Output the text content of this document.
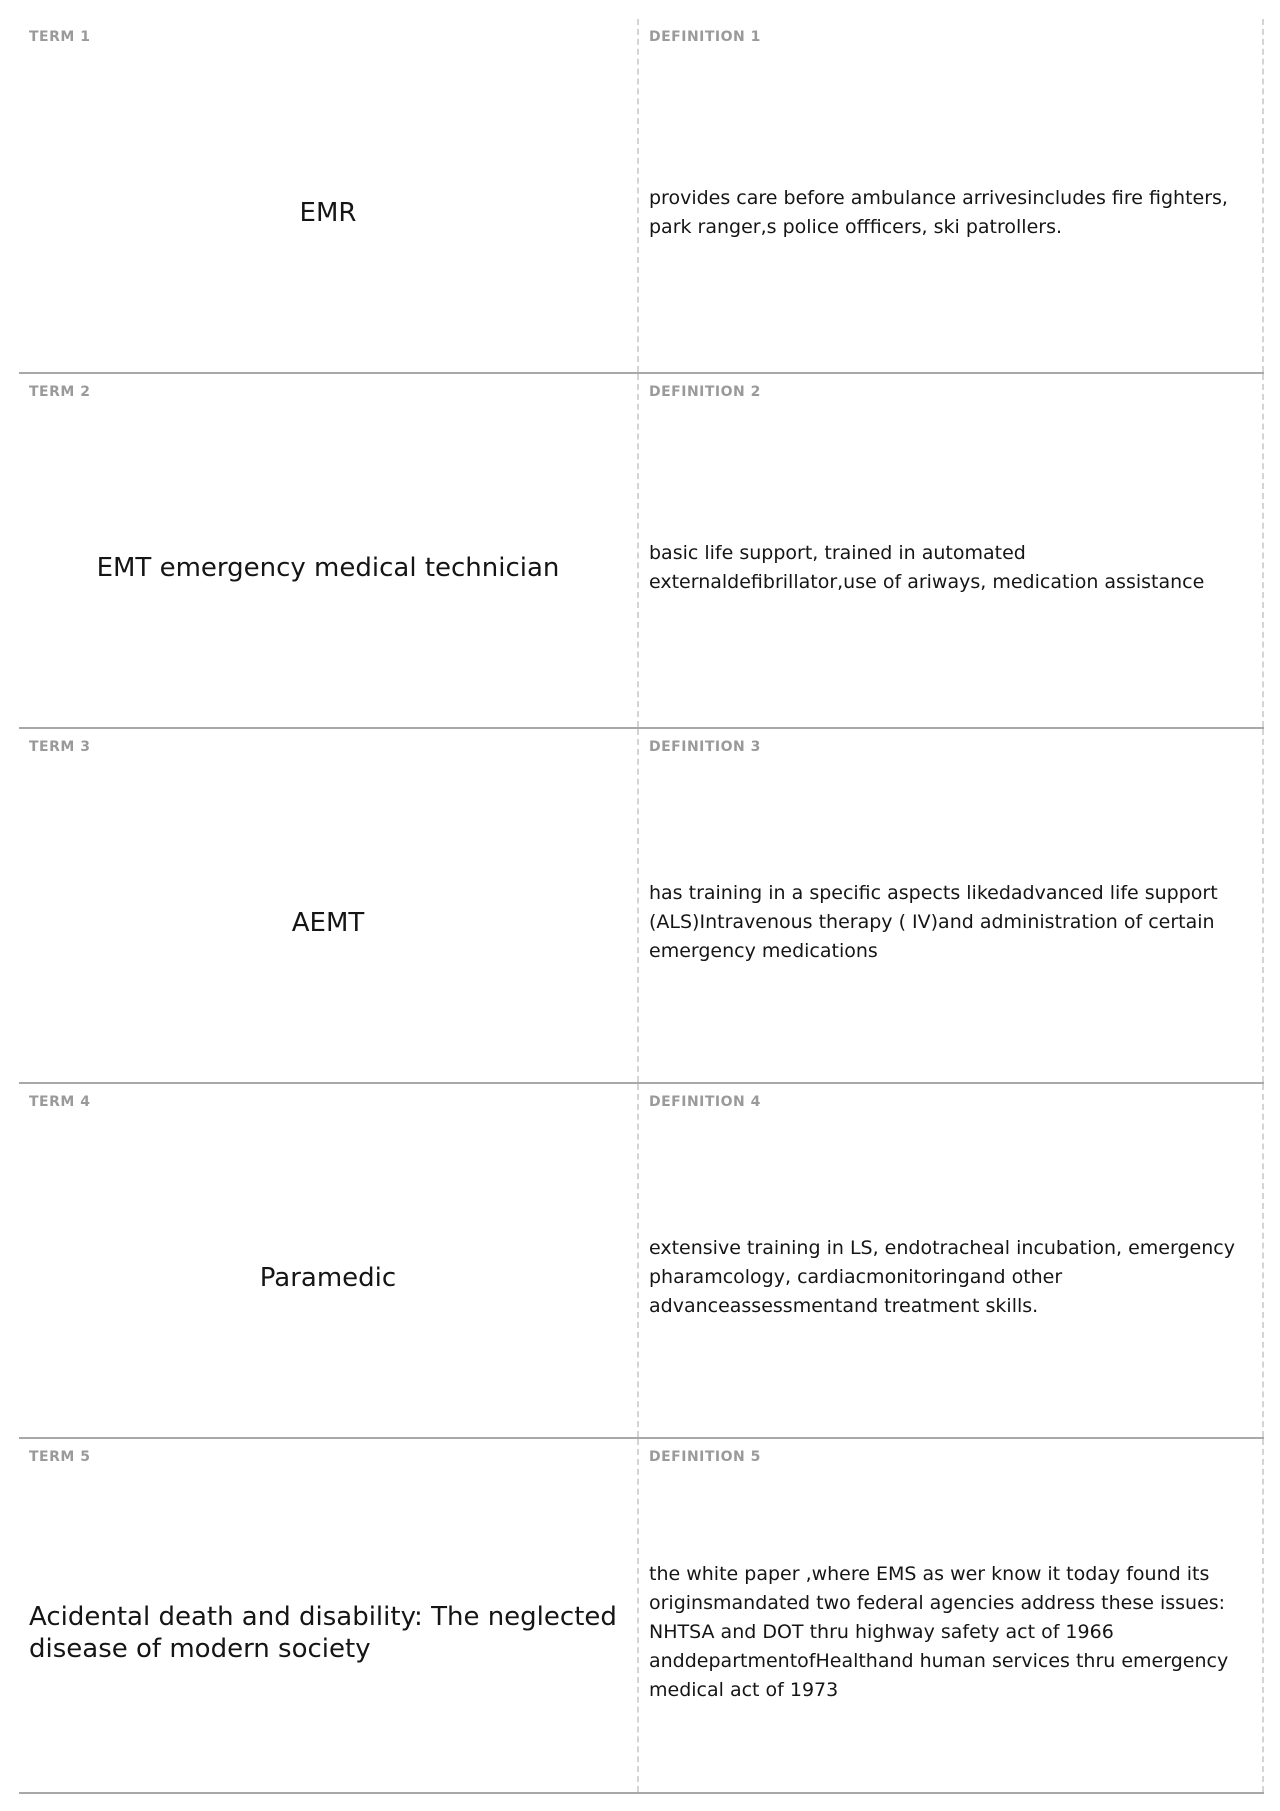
TERM 1
EMR
DEFINITION 1
provides care before ambulance arrivesincludes fire fighters, park ranger,s police offficers, ski patrollers.
TERM 2
EMT emergency medical technician
DEFINITION 2
basic life support, trained in automated externaldefibrillator,use of ariways, medication assistance
TERM 3
AEMT
DEFINITION 3
has training in a specific aspects likedadvanced life support (ALS)Intravenous therapy ( IV)and administration of certain emergency medications
TERM 4
Paramedic
DEFINITION 4
extensive training in LS, endotracheal incubation, emergency pharamcology, cardiacmonitoringand other advanceassessmentand treatment skills.
TERM 5
Acidental death and disability: The neglected disease of modern society
DEFINITION 5
the white paper ,where EMS as wer know it today found its originsmandated two federal agencies address these issues: NHTSA and DOT thru highway safety act of 1966 anddepartmentofHealthand human services thru emergency medical act of 1973
